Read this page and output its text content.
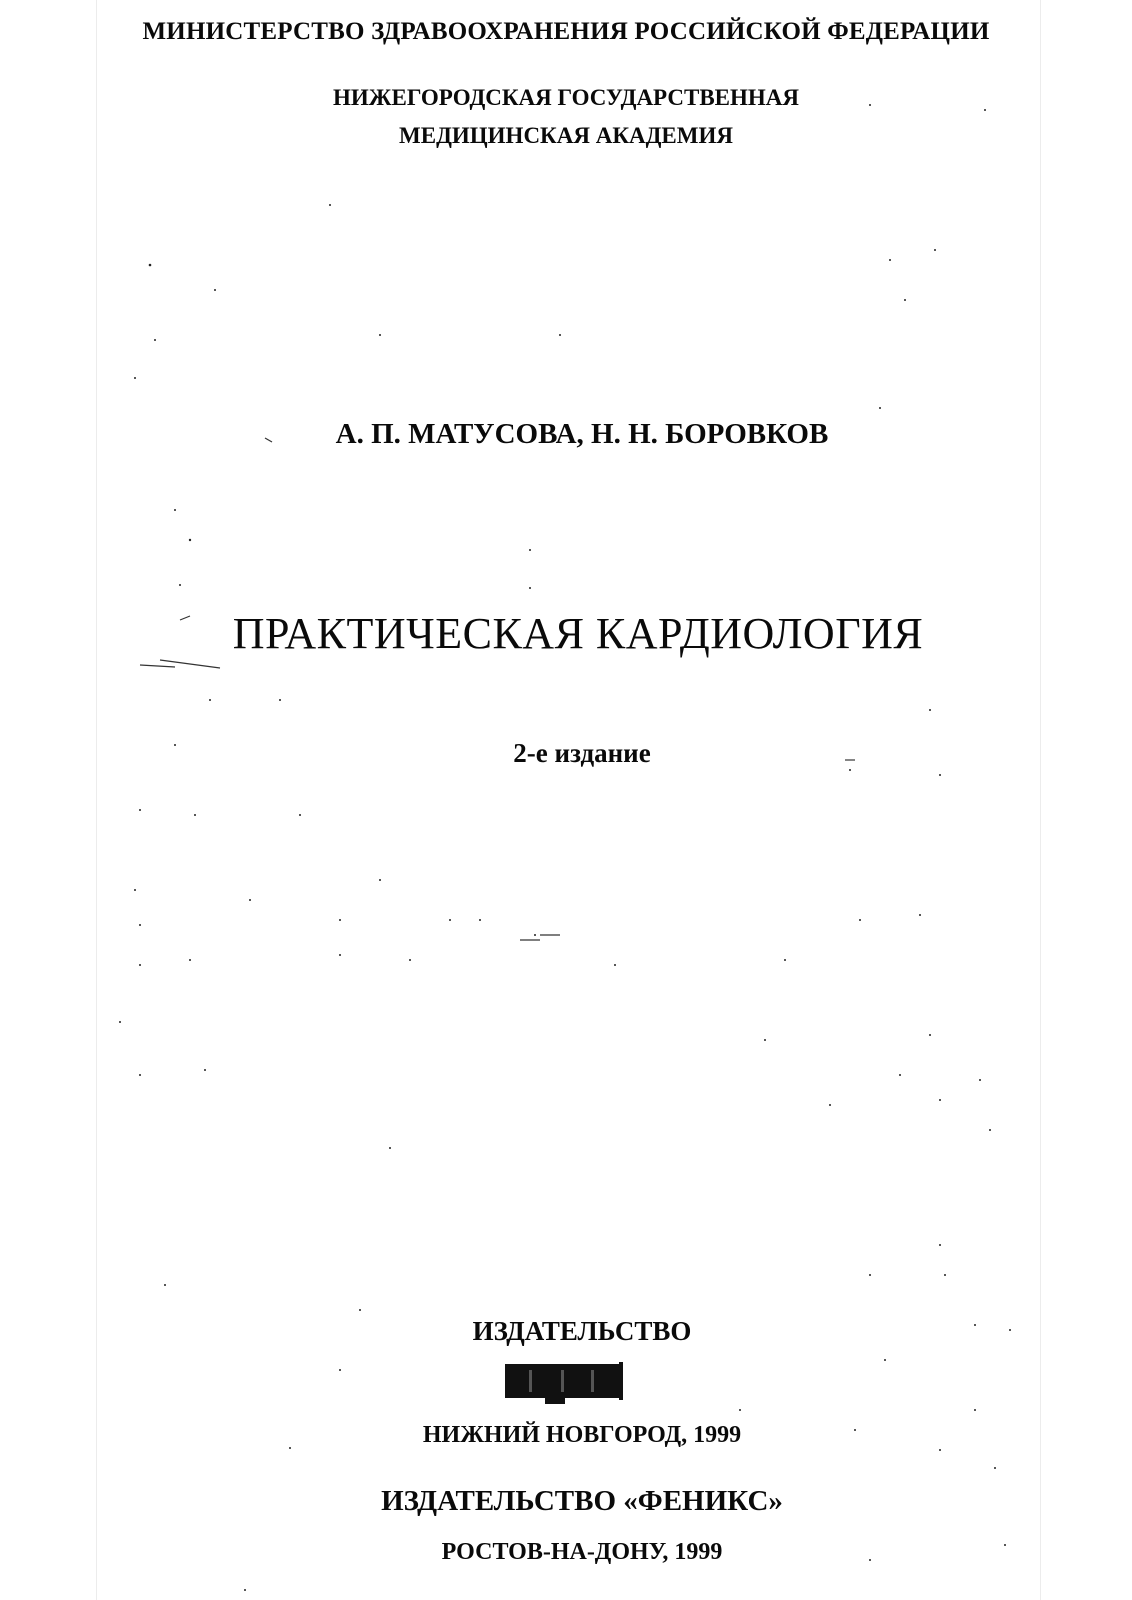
МИНИСТЕРСТВО ЗДРАВООХРАНЕНИЯ РОССИЙСКОЙ ФЕДЕРАЦИИ
НИЖЕГОРОДСКАЯ ГОСУДАРСТВЕННАЯ
МЕДИЦИНСКАЯ АКАДЕМИЯ
А. П. МАТУСОВА, Н. Н. БОРОВКОВ
ПРАКТИЧЕСКАЯ КАРДИОЛОГИЯ
2-е издание
ИЗДАТЕЛЬСТВО
НИЖНИЙ НОВГОРОД, 1999
ИЗДАТЕЛЬСТВО «ФЕНИКС»
РОСТОВ-НА-ДОНУ, 1999
